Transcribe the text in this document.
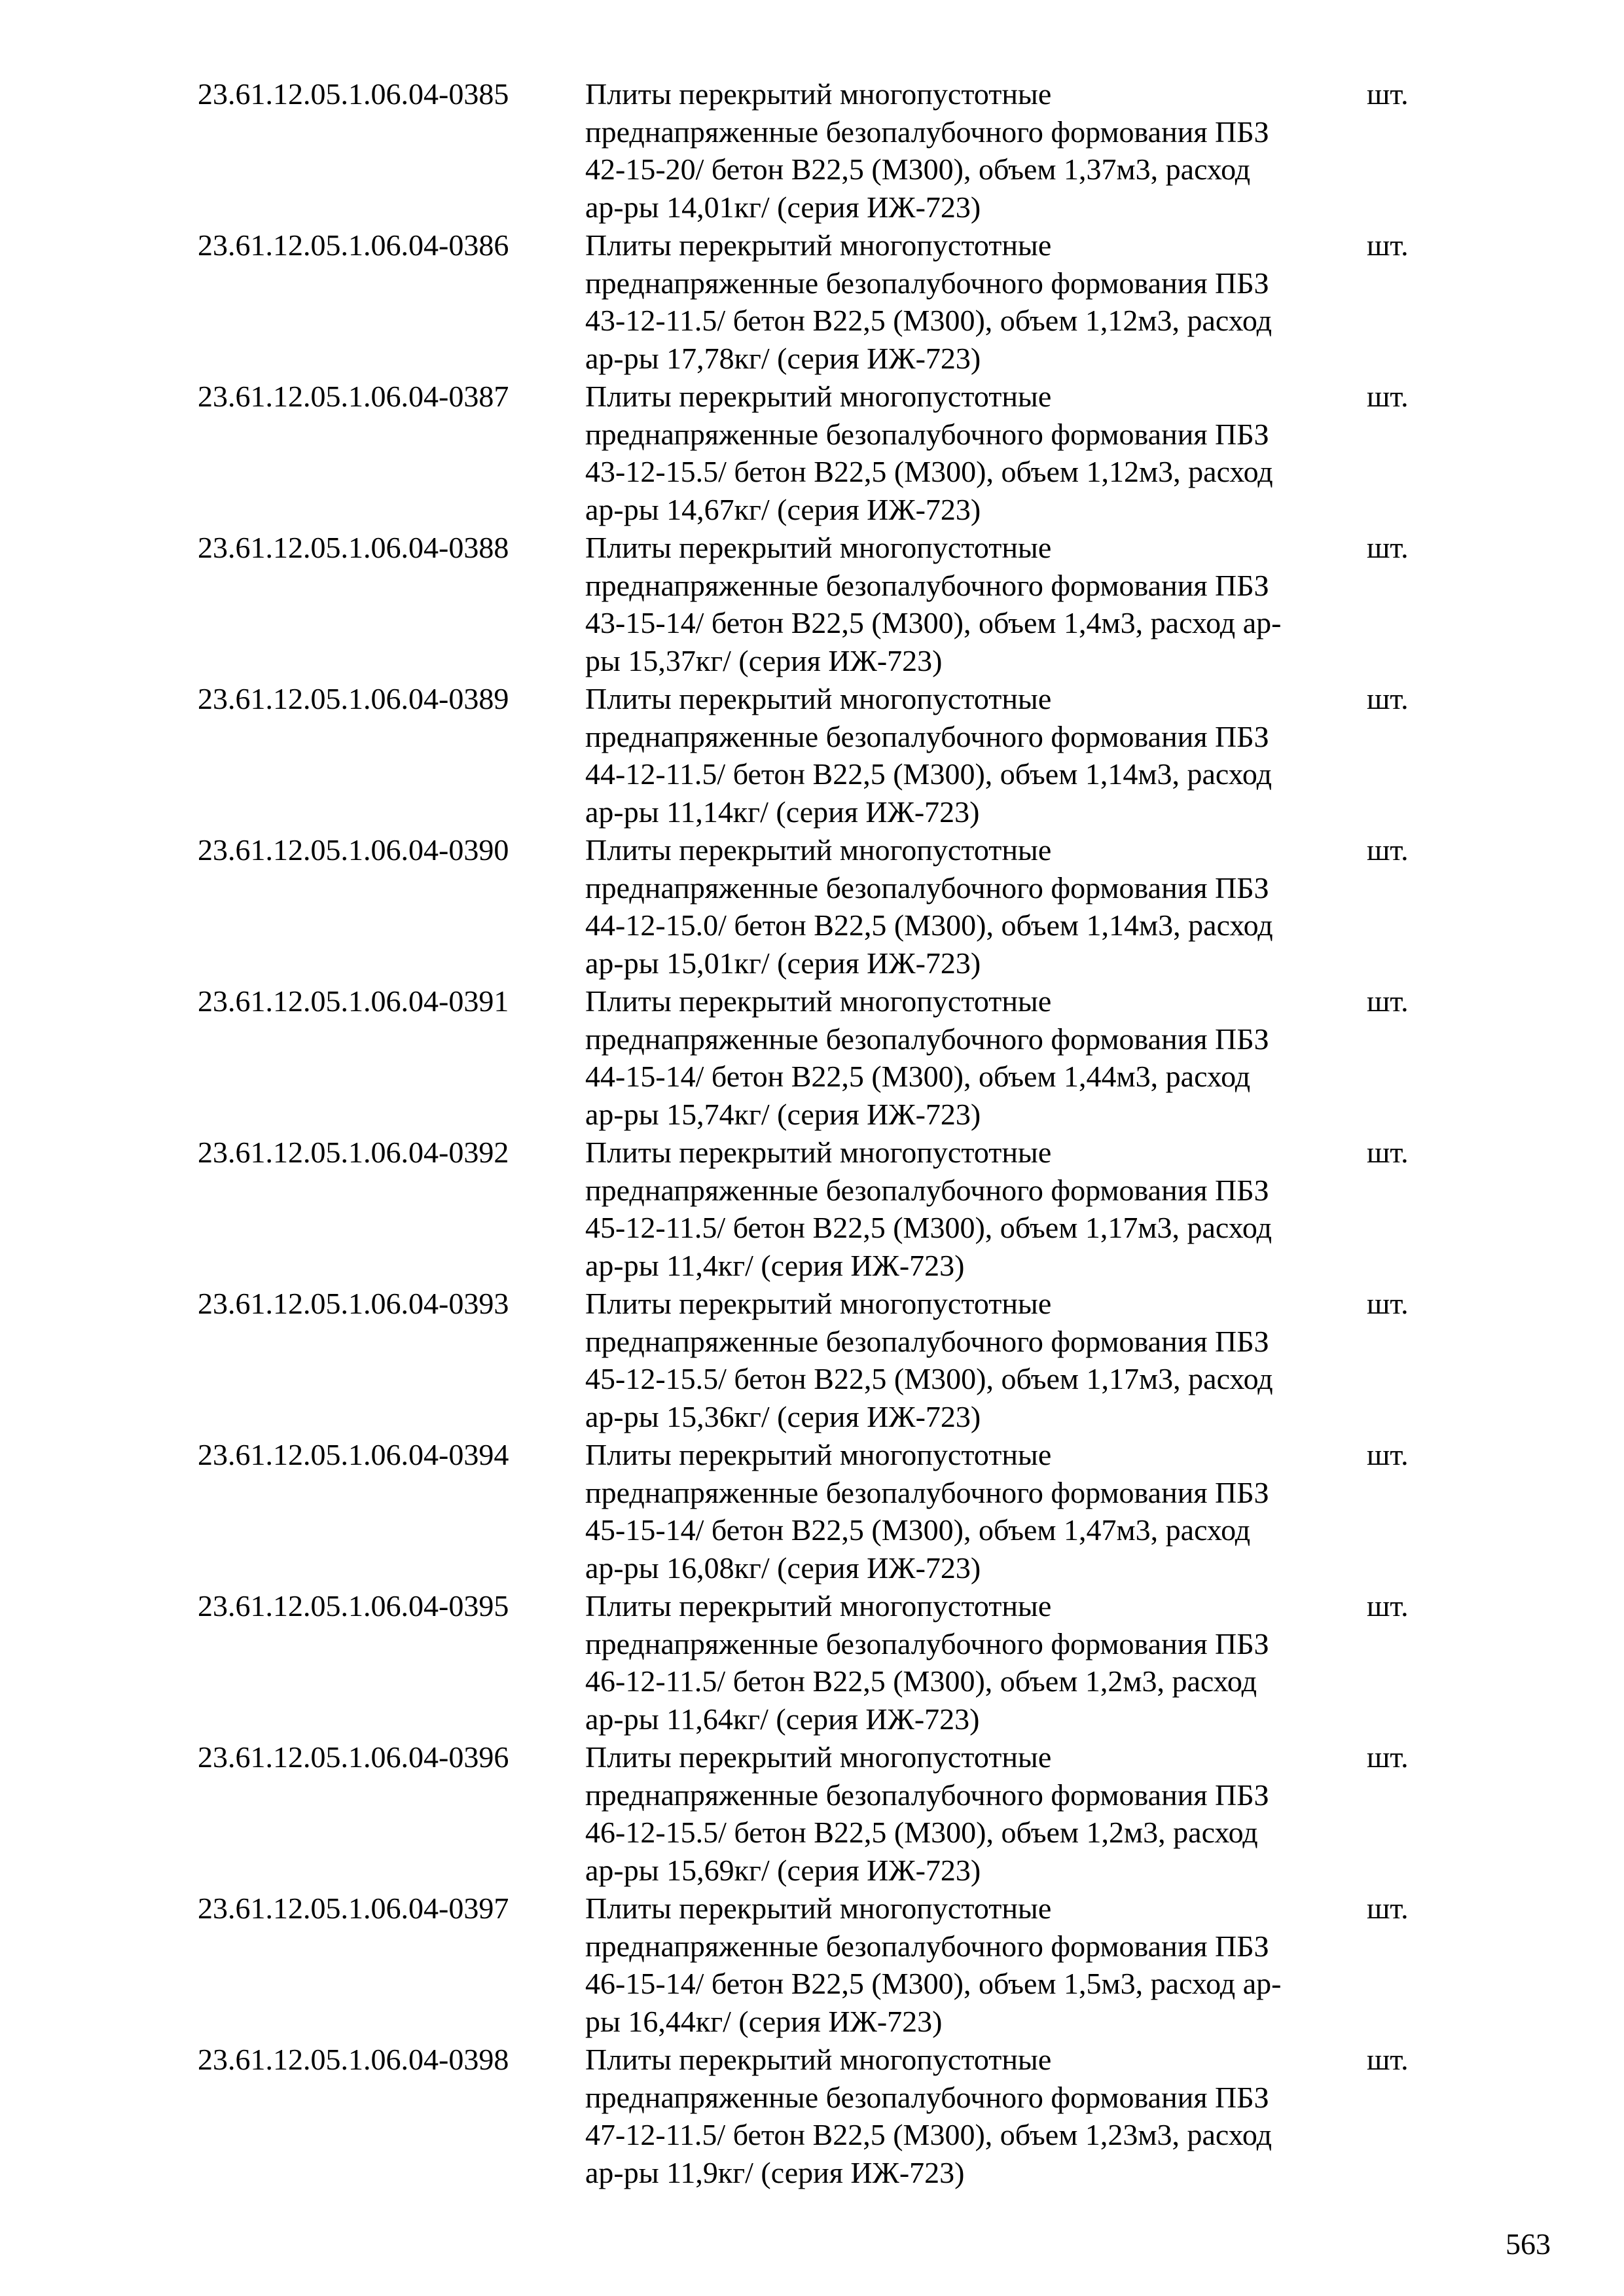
23.61.12.05.1.06.04-0385	Плиты перекрытий многопустотные
преднапряженные безопалубочного формования ПБЗ
42-15-20/ бетон В22,5 (М300), объем 1,37м3, расход
ар-ры 14,01кг/ (серия ИЖ-723)
шт.
23.61.12.05.1.06.04-0386	Плиты перекрытий многопустотные
преднапряженные безопалубочного формования ПБЗ
43-12-11.5/ бетон В22,5 (М300), объем 1,12м3, расход
ар-ры 17,78кг/ (серия ИЖ-723)
шт.
23.61.12.05.1.06.04-0387	Плиты перекрытий многопустотные
преднапряженные безопалубочного формования ПБЗ
43-12-15.5/ бетон В22,5 (М300), объем 1,12м3, расход
ар-ры 14,67кг/ (серия ИЖ-723)
шт.
23.61.12.05.1.06.04-0388	Плиты перекрытий многопустотные
преднапряженные безопалубочного формования ПБЗ
43-15-14/ бетон В22,5 (М300), объем 1,4м3, расход ар-
ры 15,37кг/ (серия ИЖ-723)
шт.
23.61.12.05.1.06.04-0389	Плиты перекрытий многопустотные
преднапряженные безопалубочного формования ПБЗ
44-12-11.5/ бетон В22,5 (М300), объем 1,14м3, расход
ар-ры 11,14кг/ (серия ИЖ-723)
шт.
23.61.12.05.1.06.04-0390	Плиты перекрытий многопустотные
преднапряженные безопалубочного формования ПБЗ
44-12-15.0/ бетон В22,5 (М300), объем 1,14м3, расход
ар-ры 15,01кг/ (серия ИЖ-723)
шт.
23.61.12.05.1.06.04-0391	Плиты перекрытий многопустотные
преднапряженные безопалубочного формования ПБЗ
44-15-14/ бетон В22,5 (М300), объем 1,44м3, расход
ар-ры 15,74кг/ (серия ИЖ-723)
шт.
23.61.12.05.1.06.04-0392	Плиты перекрытий многопустотные
преднапряженные безопалубочного формования ПБЗ
45-12-11.5/ бетон В22,5 (М300), объем 1,17м3, расход
ар-ры 11,4кг/ (серия ИЖ-723)
шт.
23.61.12.05.1.06.04-0393	Плиты перекрытий многопустотные
преднапряженные безопалубочного формования ПБЗ
45-12-15.5/ бетон В22,5 (М300), объем 1,17м3, расход
ар-ры 15,36кг/ (серия ИЖ-723)
шт.
23.61.12.05.1.06.04-0394	Плиты перекрытий многопустотные
преднапряженные безопалубочного формования ПБЗ
45-15-14/ бетон В22,5 (М300), объем 1,47м3, расход
ар-ры 16,08кг/ (серия ИЖ-723)
шт.
23.61.12.05.1.06.04-0395	Плиты перекрытий многопустотные
преднапряженные безопалубочного формования ПБЗ
46-12-11.5/ бетон В22,5 (М300), объем 1,2м3, расход
ар-ры 11,64кг/ (серия ИЖ-723)
шт.
23.61.12.05.1.06.04-0396	Плиты перекрытий многопустотные
преднапряженные безопалубочного формования ПБЗ
46-12-15.5/ бетон В22,5 (М300), объем 1,2м3, расход
ар-ры 15,69кг/ (серия ИЖ-723)
шт.
23.61.12.05.1.06.04-0397	Плиты перекрытий многопустотные
преднапряженные безопалубочного формования ПБЗ
46-15-14/ бетон В22,5 (М300), объем 1,5м3, расход ар-
ры 16,44кг/ (серия ИЖ-723)
шт.
23.61.12.05.1.06.04-0398	Плиты перекрытий многопустотные
преднапряженные безопалубочного формования ПБЗ
47-12-11.5/ бетон В22,5 (М300), объем 1,23м3, расход
ар-ры 11,9кг/ (серия ИЖ-723)
шт.
563
